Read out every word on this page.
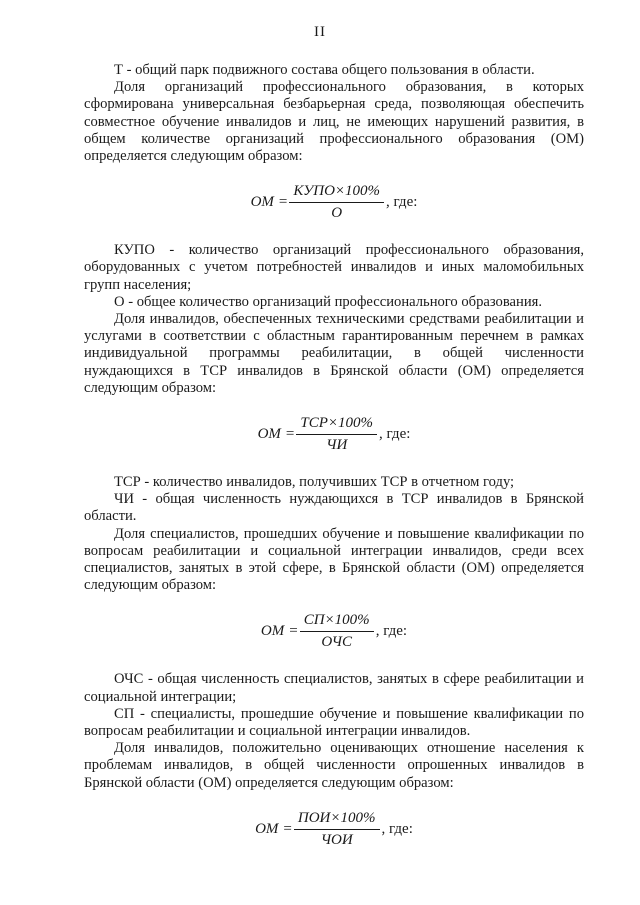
II

Т - общий парк подвижного состава общего пользования в области.

Доля организаций профессионального образования, в которых сформирована универсальная безбарьерная среда, позволяющая обеспечить совместное обучение инвалидов и лиц, не имеющих нарушений развития, в общем количестве организаций профессионального образования (ОМ) определяется следующим образом:

ОМ = $\frac{\text{КУПО×100\%}}{О}$ , где:

КУПО - количество организаций профессионального образования, оборудованных с учетом потребностей инвалидов и иных маломобильных групп населения;

О - общее количество организаций профессионального образования.

Доля инвалидов, обеспеченных техническими средствами реабилитации и услугами в соответствии с областным гарантированным перечнем в рамках индивидуальной программы реабилитации, в общей численности нуждающихся в ТСР инвалидов в Брянской области (ОМ) определяется следующим образом:

ОМ = $\frac{\text{ТСР×100\%}}{ЧИ}$ , где:

ТСР - количество инвалидов, получивших ТСР в отчетном году;

ЧИ - общая численность нуждающихся в ТСР инвалидов в Брянской области.

Доля специалистов, прошедших обучение и повышение квалификации по вопросам реабилитации и социальной интеграции инвалидов, среди всех специалистов, занятых в этой сфере, в Брянской области (ОМ) определяется следующим образом:

ОМ = $\frac{СП\times 100\%}{\text{ОЧС}}$ , где:

ОЧС - общая численность специалистов, занятых в сфере реабилитации и социальной интеграции;

СП - специалисты, прошедшие обучение и повышение квалификации по вопросам реабилитации и социальной интеграции инвалидов.

Доля инвалидов, положительно оценивающих отношение населения к проблемам инвалидов, в общей численности опрошенных инвалидов в Брянской области (ОМ) определяется следующим образом:

ОМ = $\frac{\text{ПОИ×100\%}}{\text{ЧОИ}}$ , где:
